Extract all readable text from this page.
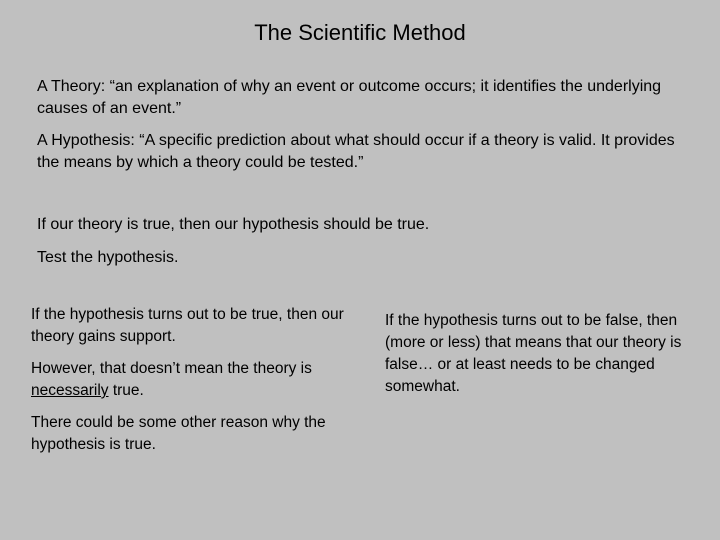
The Scientific Method

A Theory: “an explanation of why an event or outcome occurs; it identifies the underlying causes of an event.”

A Hypothesis: “A specific prediction about what should occur if a theory is valid. It provides the means by which a theory could be tested.”

If our theory is true, then our hypothesis should be true.

Test the hypothesis.

If the hypothesis turns out to be true, then our theory gains support.

However, that doesn’t mean the theory is necessarily true.

There could be some other reason why the hypothesis is true.

If the hypothesis turns out to be false, then (more or less) that means that our theory is false… or at least needs to be changed somewhat.
